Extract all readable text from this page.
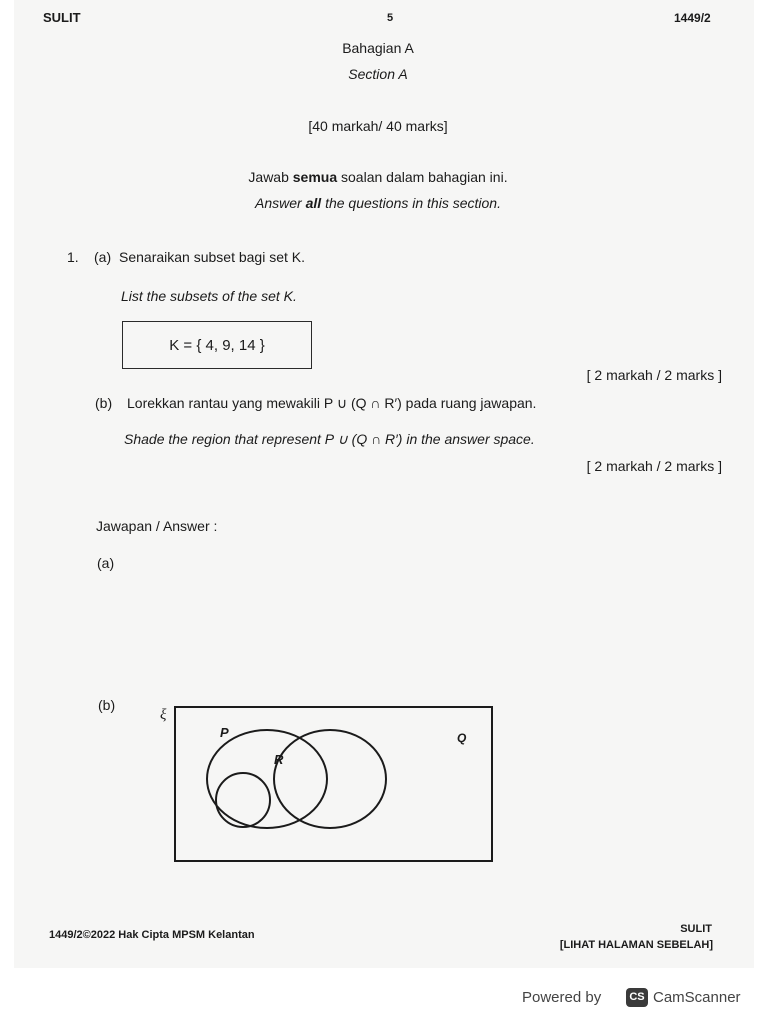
SULIT	5	1449/2
Bahagian A
Section A
[40 markah/ 40 marks]
Jawab semua soalan dalam bahagian ini.
Answer all the questions in this section.
1. (a) Senaraikan subset bagi set K.
List the subsets of the set K.
K = { 4, 9, 14 }
[ 2 markah / 2 marks ]
(b) Lorekkan rantau yang mewakili P ∪ (Q ∩ R′) pada ruang jawapan.
Shade the region that represent P ∪ (Q ∩ R′) in the answer space.
[ 2 markah / 2 marks ]
Jawapan / Answer :
(a)
(b)
ξ
P	Q
R
1449/2©2022 Hak Cipta MPSM Kelantan	SULIT
[LIHAT HALAMAN SEBELAH]
Powered by	CS CamScanner
